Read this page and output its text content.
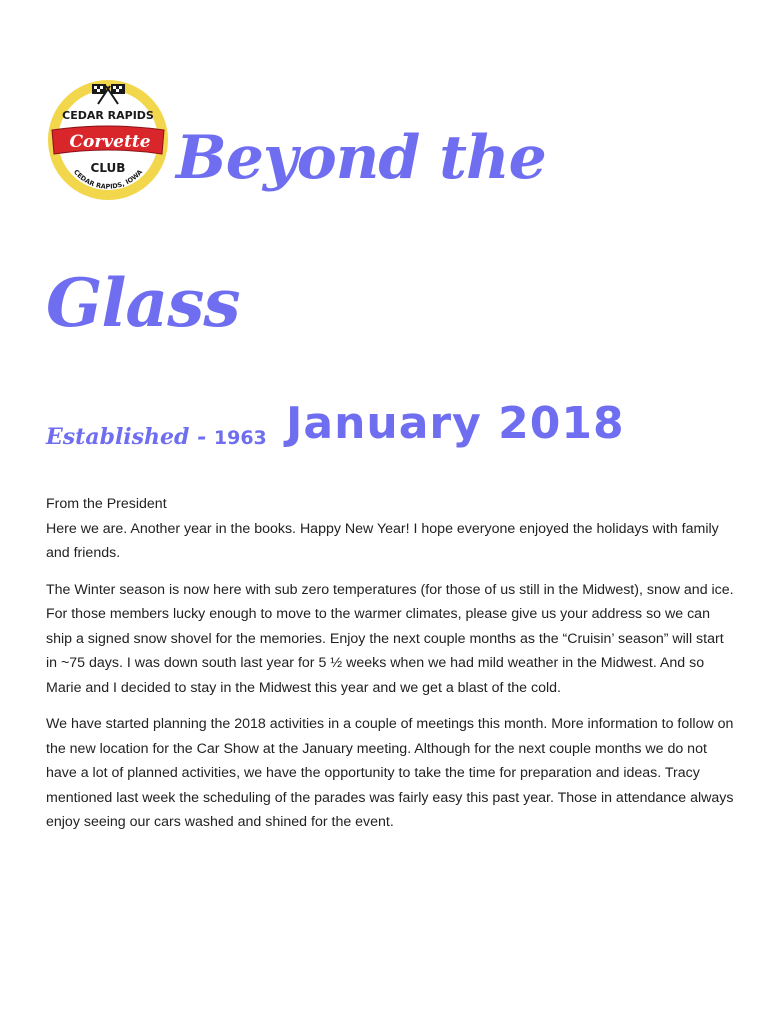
CEDAR RAPIDS
Corvette
CLUB
CEDAR RAPIDS, IOWA Beyond the
Glass
Established - 1963 January 2018

From the President

Here we are. Another year in the books. Happy New Year! I hope everyone enjoyed the holidays with family and friends.

The Winter season is now here with sub zero temperatures (for those of us still in the Midwest), snow and ice. For those members lucky enough to move to the warmer climates, please give us your address so we can ship a signed snow shovel for the memories. Enjoy the next couple months as the “Cruisin’ season” will start in ~75 days. I was down south last year for 5 ½ weeks when we had mild weather in the Midwest. And so Marie and I decided to stay in the Midwest this year and we get a blast of the cold.

We have started planning the 2018 activities in a couple of meetings this month. More information to follow on the new location for the Car Show at the January meeting. Although for the next couple months we do not have a lot of planned activities, we have the opportunity to take the time for preparation and ideas. Tracy mentioned last week the scheduling of the parades was fairly easy this past year. Those in attendance always enjoy seeing our cars washed and shined for the event.
